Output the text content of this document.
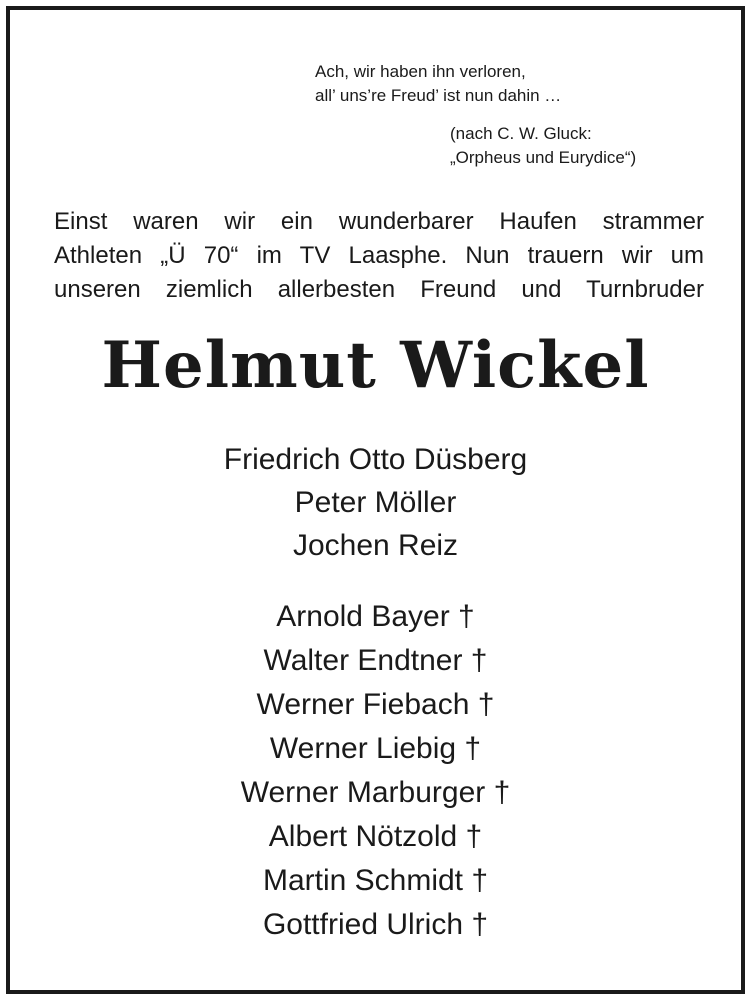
Ach, wir haben ihn verloren,
all’ uns’re Freud’ ist nun dahin …
(nach C. W. Gluck:
„Orpheus und Eurydice“)
Einst waren wir ein wunderbarer Haufen strammer
Athleten „Ü 70“ im TV Laasphe. Nun trauern wir um
unseren ziemlich allerbesten Freund und Turnbruder
Helmut Wickel
Friedrich Otto Düsberg
Peter Möller
Jochen Reiz
Arnold Bayer †
Walter Endtner †
Werner Fiebach †
Werner Liebig †
Werner Marburger †
Albert Nötzold †
Martin Schmidt †
Gottfried Ulrich †
